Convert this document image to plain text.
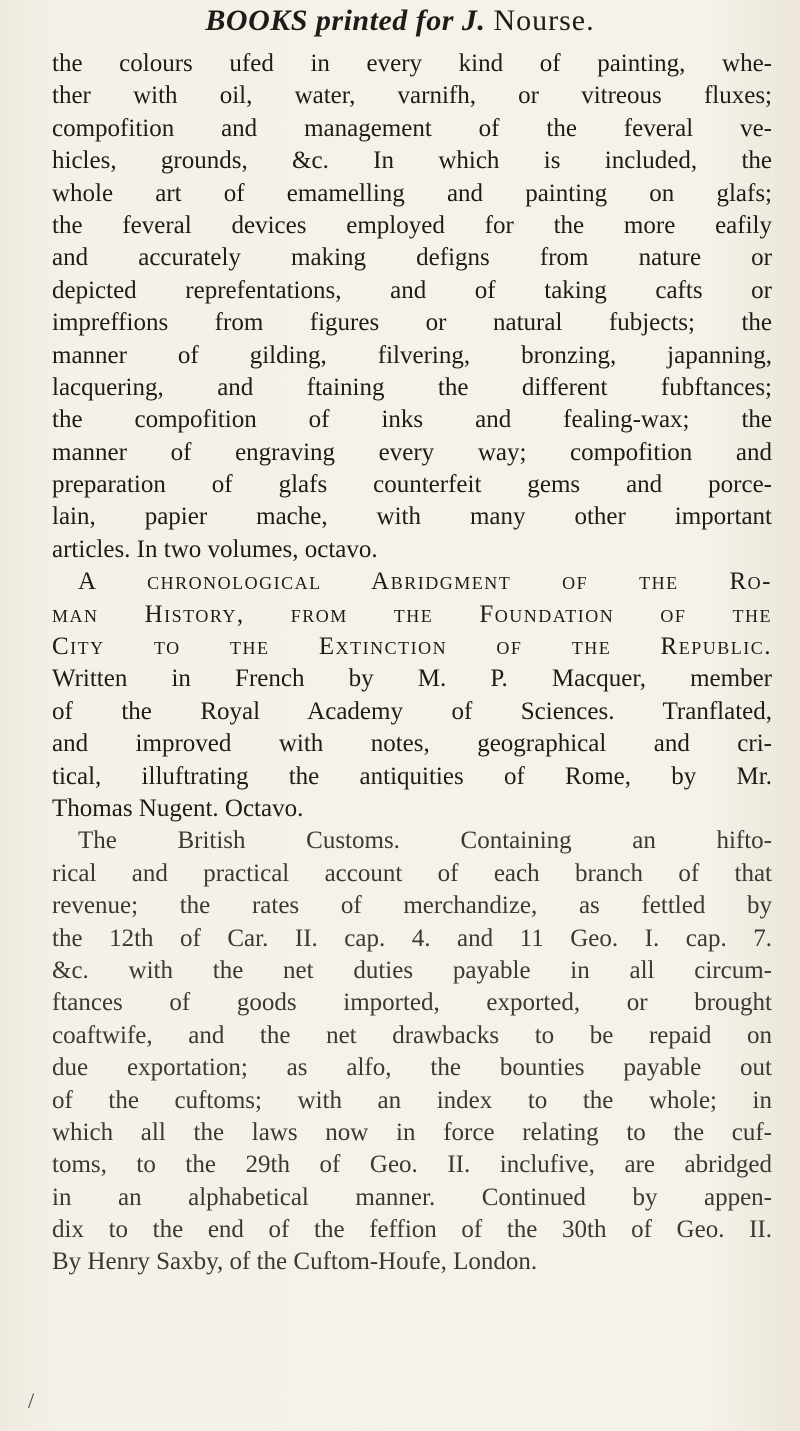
BOOKS printed for J. Nourse.
the colours ufed in every kind of painting, whe-
ther with oil, water, varnifh, or vitreous fluxes;
compofition and management of the feveral ve-
hicles, grounds, &c. In which is included, the
whole art of emamelling and painting on glafs;
the feveral devices employed for the more eafily
and accurately making defigns from nature or
depicted reprefentations, and of taking cafts or
impreffions from figures or natural fubjects; the
manner of gilding, filvering, bronzing, japanning,
lacquering, and ftaining the different fubftances;
the compofition of inks and fealing-wax; the
manner of engraving every way; compofition and
preparation of glafs counterfeit gems and porce-
lain, papier mache, with many other important
articles. In two volumes, octavo.
A chronological Abridgment of the Ro-
man History, from the Foundation of the
City to the Extinction of the Republic.
Written in French by M. P. Macquer, member
of the Royal Academy of Sciences. Tranflated,
and improved with notes, geographical and cri-
tical, illuftrating the antiquities of Rome, by Mr.
Thomas Nugent. Octavo.
The British Customs. Containing an hifto-
rical and practical account of each branch of that
revenue; the rates of merchandize, as fettled by
the 12th of Car. II. cap. 4. and 11 Geo. I. cap. 7.
&c. with the net duties payable in all circum-
ftances of goods imported, exported, or brought
coaftwife, and the net drawbacks to be repaid on
due exportation; as alfo, the bounties payable out
of the cuftoms; with an index to the whole; in
which all the laws now in force relating to the cuf-
toms, to the 29th of Geo. II. inclufive, are abridged
in an alphabetical manner. Continued by appen-
dix to the end of the feffion of the 30th of Geo. II.
By Henry Saxby, of the Cuftom-Houfe, London.
/
